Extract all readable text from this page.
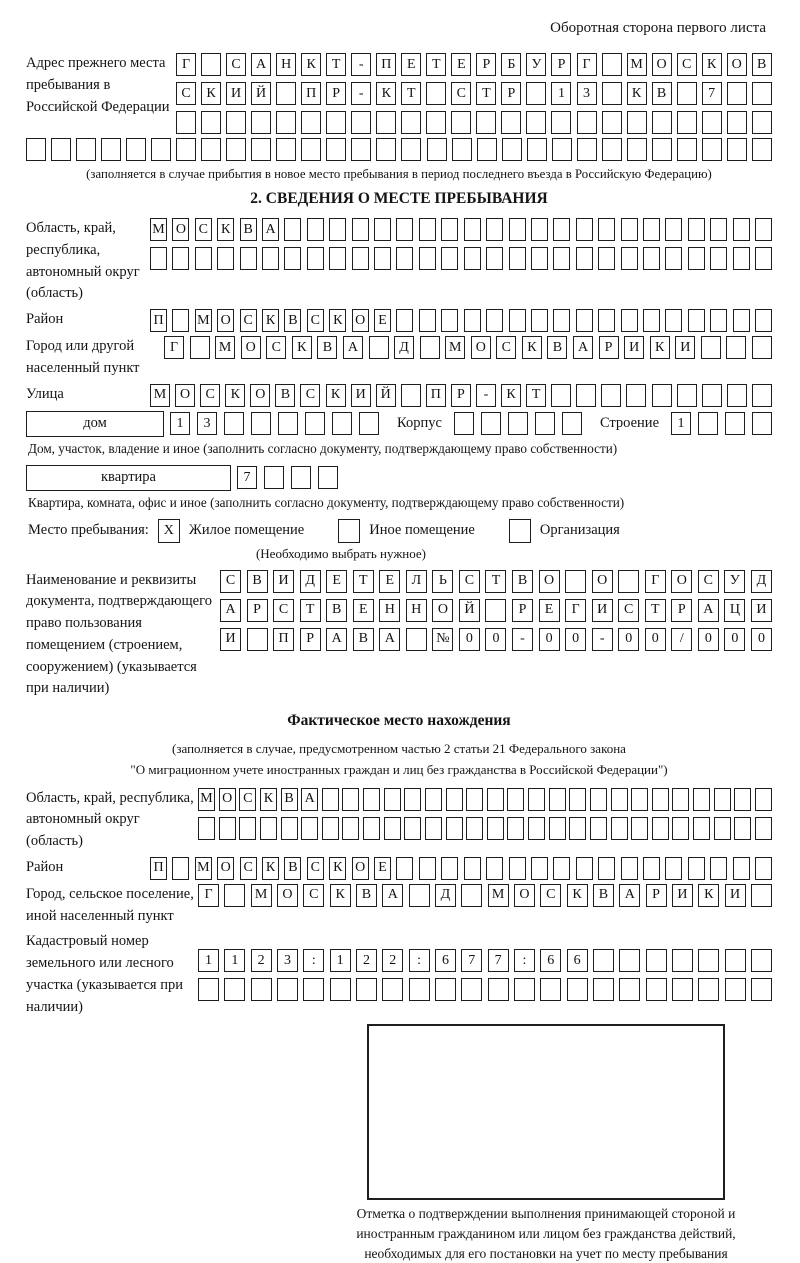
Оборотная сторона первого листа
Адрес прежнего места пребывания в Российской Федерации
Г	С	А	Н	К	Т	-	П	Е	Т	Е	Р	Б	У	Р	Г	М О	С	К	О	В
С	К	И	Й	П	Р	-	К	Т	С	Т	Р	1	3	К	В	7
(заполняется в случае прибытия в новое место пребывания в период последнего въезда в Российскую Федерацию)
2. СВЕДЕНИЯ О МЕСТЕ ПРЕБЫВАНИЯ
Область, край, республика, автономный округ (область)
М О С К В А
Район	П М О С К В С К О Е
Город или другой населенный пункт
Г	М	О	С	К	В	А	Д	М	О	С	К	В	А	Р	И	К	И
Улица	М О	С	К	О	В	С	К	И	Й	П	Р	-	К	Т
дом	1	3	Корпус	Строение	1
Дом, участок, владение и иное (заполнить согласно документу, подтверждающему право собственности)
квартира	7
Квартира, комната, офис и иное (заполнить согласно документу, подтверждающему право собственности)
Место пребывания:	X	Жилое помещение	Иное помещение	Организация
(Необходимо выбрать нужное)
Наименование и реквизиты документа, подтверждающего право пользования помещением (строением, сооружением) (указывается при наличии)
С	В	И	Д	Е	Т	Е	Л	Ь	С	Т	В	О	О	Г	О	С	У	Д
А	Р	С	Т	В	Е	Н	Н	О	Й	Р	Е	Г	И	С	Т	Р	А	Ц	И
И	П	Р	А	В	А	№	0	0	-	0	0	-	0	0	/	0	0	0
Фактическое место нахождения
(заполняется в случае, предусмотренном частью 2 статьи 21 Федерального закона
"О миграционном учете иностранных граждан и лиц без гражданства в Российской Федерации")
Область, край, республика, автономный округ (область)
М О С К В А
Район	П М О С К В С К О Е
Город, сельское поселение, иной населенный пункт
Г	М	О	С	К	В	А	Д	М	О	С	К	В	А	Р	И	К	И
Кадастровый номер земельного или лесного участка (указывается при наличии)
1	1	2	3	:	1	2	2	:	6	7	7	:	6	6
Отметка о подтверждении выполнения принимающей стороной и иностранным гражданином или лицом без гражданства действий, необходимых для его постановки на учет по месту пребывания
